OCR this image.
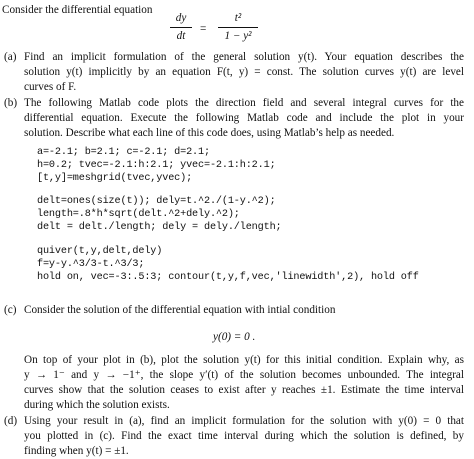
Consider the differential equation
dy
dt
=
t²
1 − y²
(a) Find an implicit formulation of the general solution y(t). Your equation describes the
solution y(t) implicitly by an equation F(t, y) = const. The solution curves y(t) are level
curves of F.
(b) The following Matlab code plots the direction field and several integral curves for the
differential equation. Execute the following Matlab code and include the plot in your
solution. Describe what each line of this code does, using Matlab’s help as needed.
a=-2.1; b=2.1; c=-2.1; d=2.1;
h=0.2; tvec=-2.1:h:2.1; yvec=-2.1:h:2.1;
[t,y]=meshgrid(tvec,yvec);
delt=ones(size(t)); dely=t.^2./(1-y.^2);
length=.8*h*sqrt(delt.^2+dely.^2);
delt = delt./length; dely = dely./length;
quiver(t,y,delt,dely)
f=y-y.^3/3-t.^3/3;
hold on, vec=-3:.5:3; contour(t,y,f,vec,'linewidth',2), hold off
(c) Consider the solution of the differential equation with intial condition
y(0) = 0 .
On top of your plot in (b), plot the solution y(t) for this initial condition. Explain why, as
y → 1⁻ and y → −1⁺, the slope y′(t) of the solution becomes unbounded. The integral
curves show that the solution ceases to exist after y reaches ±1. Estimate the time interval
during which the solution exists.
(d) Using your result in (a), find an implicit formulation for the solution with y(0) = 0 that
you plotted in (c). Find the exact time interval during which the solution is defined, by
finding when y(t) = ±1.
